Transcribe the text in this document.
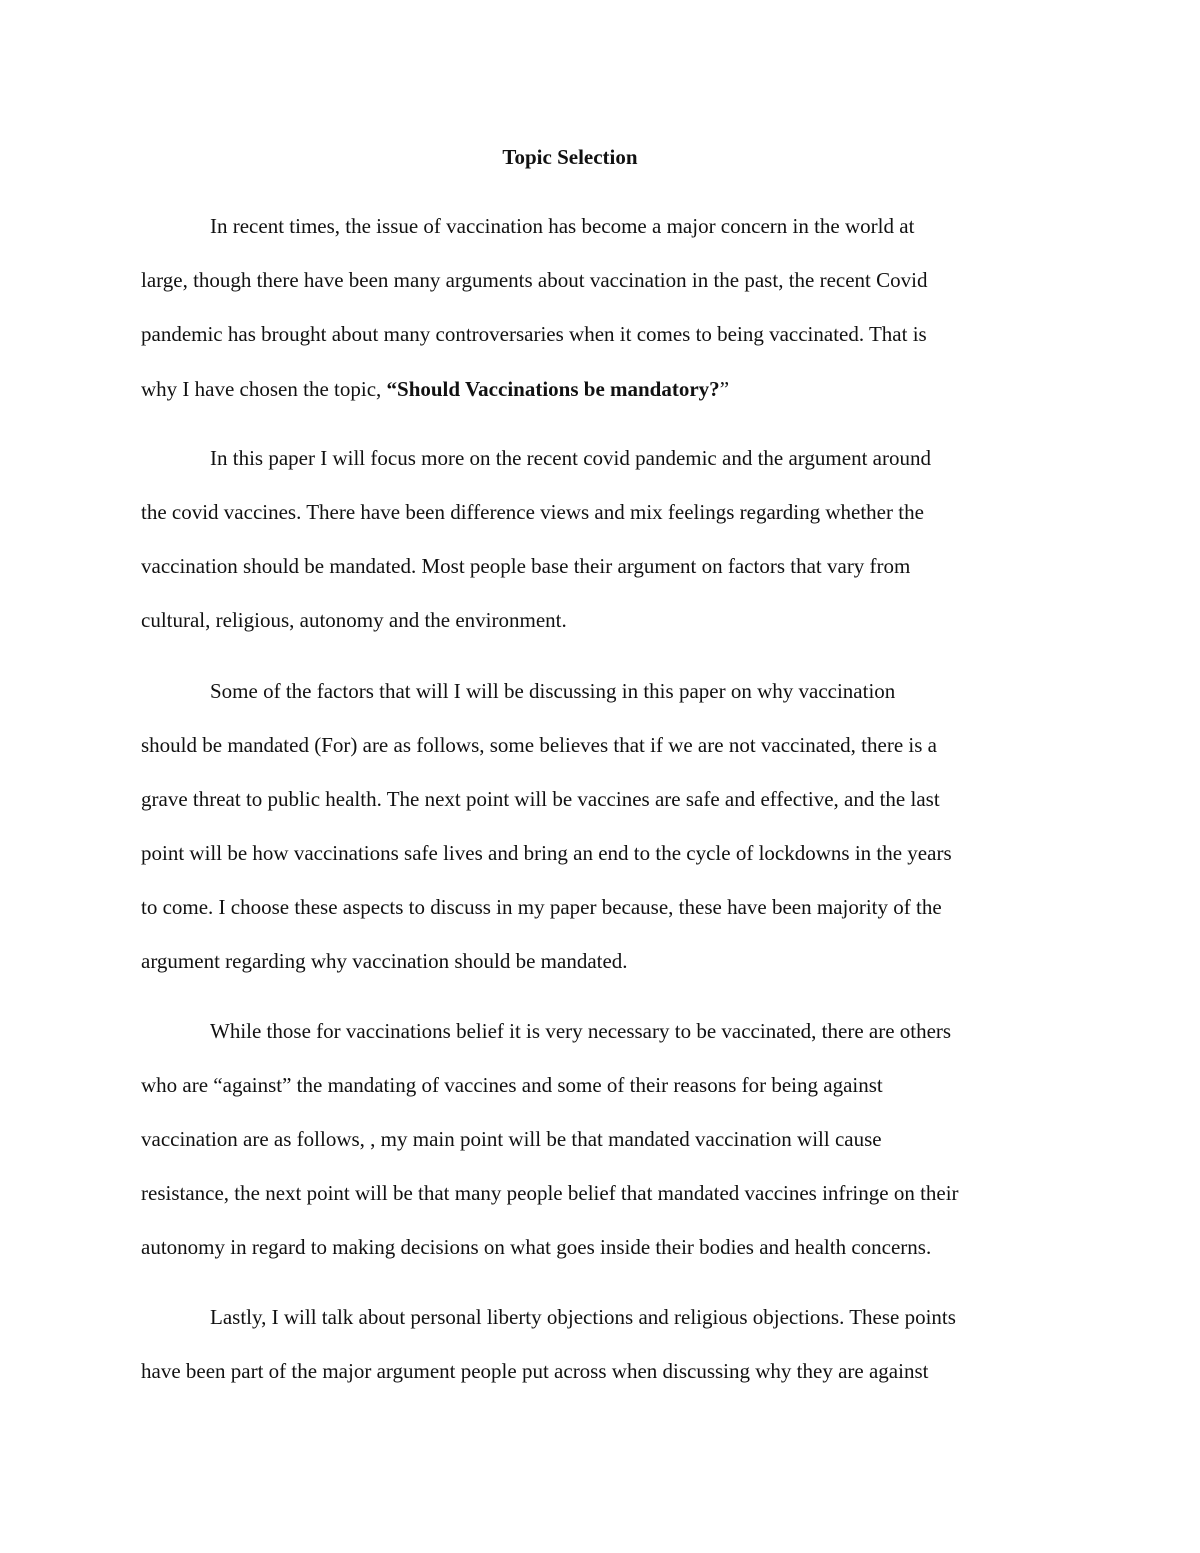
Topic Selection
In recent times, the issue of vaccination has become a major concern in the world at
large, though there have been many arguments about vaccination in the past, the recent Covid
pandemic has brought about many controversaries when it comes to being vaccinated. That is
why I have chosen the topic, “Should Vaccinations be mandatory?”
In this paper I will focus more on the recent covid pandemic and the argument around
the covid vaccines. There have been difference views and mix feelings regarding whether the
vaccination should be mandated. Most people base their argument on factors that vary from
cultural, religious, autonomy and the environment.
Some of the factors that will I will be discussing in this paper on why vaccination
should be mandated (For) are as follows, some believes that if we are not vaccinated, there is a
grave threat to public health. The next point will be vaccines are safe and effective, and the last
point will be how vaccinations safe lives and bring an end to the cycle of lockdowns in the years
to come. I choose these aspects to discuss in my paper because, these have been majority of the
argument regarding why vaccination should be mandated.
While those for vaccinations belief it is very necessary to be vaccinated, there are others
who are “against” the mandating of vaccines and some of their reasons for being against
vaccination are as follows, , my main point will be that mandated vaccination will cause
resistance, the next point will be that many people belief that mandated vaccines infringe on their
autonomy in regard to making decisions on what goes inside their bodies and health concerns.
Lastly, I will talk about personal liberty objections and religious objections. These points
have been part of the major argument people put across when discussing why they are against
